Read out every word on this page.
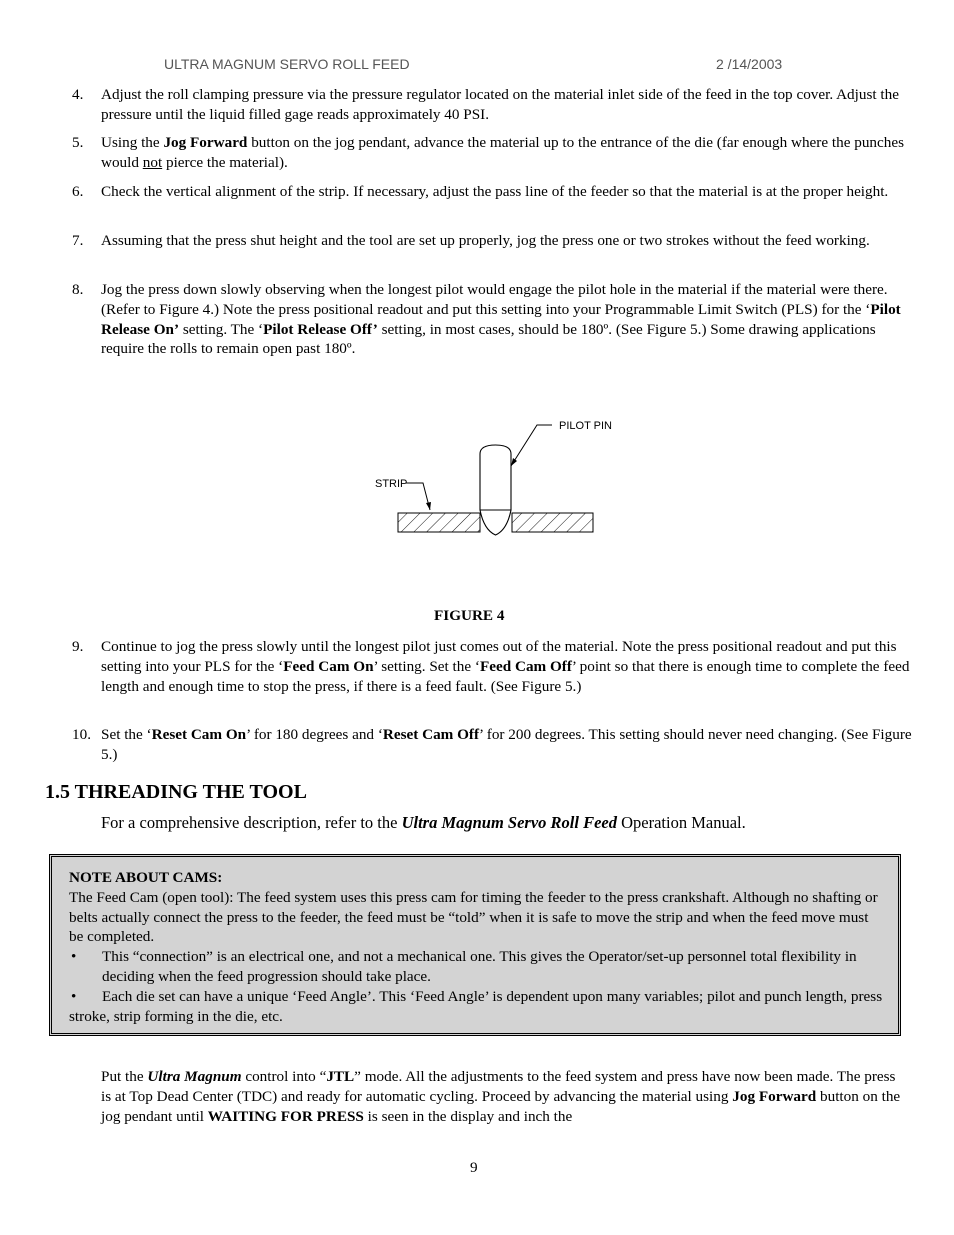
ULTRA MAGNUM SERVO ROLL FEED	2 /14/2003
4. Adjust the roll clamping pressure via the pressure regulator located on the material inlet side of the feed in the top cover. Adjust the pressure until the liquid filled gage reads approximately 40 PSI.
5. Using the Jog Forward button on the jog pendant, advance the material up to the entrance of the die (far enough where the punches would not pierce the material).
6. Check the vertical alignment of the strip. If necessary, adjust the pass line of the feeder so that the material is at the proper height.
7. Assuming that the press shut height and the tool are set up properly, jog the press one or two strokes without the feed working.
8. Jog the press down slowly observing when the longest pilot would engage the pilot hole in the material if the material were there. (Refer to Figure 4.) Note the press positional readout and put this setting into your Programmable Limit Switch (PLS) for the ‘Pilot Release On’ setting. The ‘Pilot Release Off’ setting, in most cases, should be 180º. (See Figure 5.) Some drawing applications require the rolls to remain open past 180º.
PILOT PIN
STRIP
FIGURE 4
9. Continue to jog the press slowly until the longest pilot just comes out of the material. Note the press positional readout and put this setting into your PLS for the ‘Feed Cam On’ setting. Set the ‘Feed Cam Off’ point so that there is enough time to complete the feed length and enough time to stop the press, if there is a feed fault. (See Figure 5.)
10. Set the ‘Reset Cam On’ for 180 degrees and ‘Reset Cam Off’ for 200 degrees. This setting should never need changing. (See Figure 5.)
1.5 THREADING THE TOOL
For a comprehensive description, refer to the Ultra Magnum Servo Roll Feed Operation Manual.
NOTE ABOUT CAMS:
The Feed Cam (open tool): The feed system uses this press cam for timing the feeder to the press crankshaft. Although no shafting or belts actually connect the press to the feeder, the feed must be “told” when it is safe to move the strip and when the feed move must be completed.
• This “connection” is an electrical one, and not a mechanical one. This gives the Operator/set-up personnel total flexibility in deciding when the feed progression should take place.
• Each die set can have a unique ‘Feed Angle’. This ‘Feed Angle’ is dependent upon many variables; pilot and punch length, press stroke, strip forming in the die, etc.
Put the Ultra Magnum control into “JTL” mode. All the adjustments to the feed system and press have now been made. The press is at Top Dead Center (TDC) and ready for automatic cycling. Proceed by advancing the material using Jog Forward button on the jog pendant until WAITING FOR PRESS is seen in the display and inch the
9
